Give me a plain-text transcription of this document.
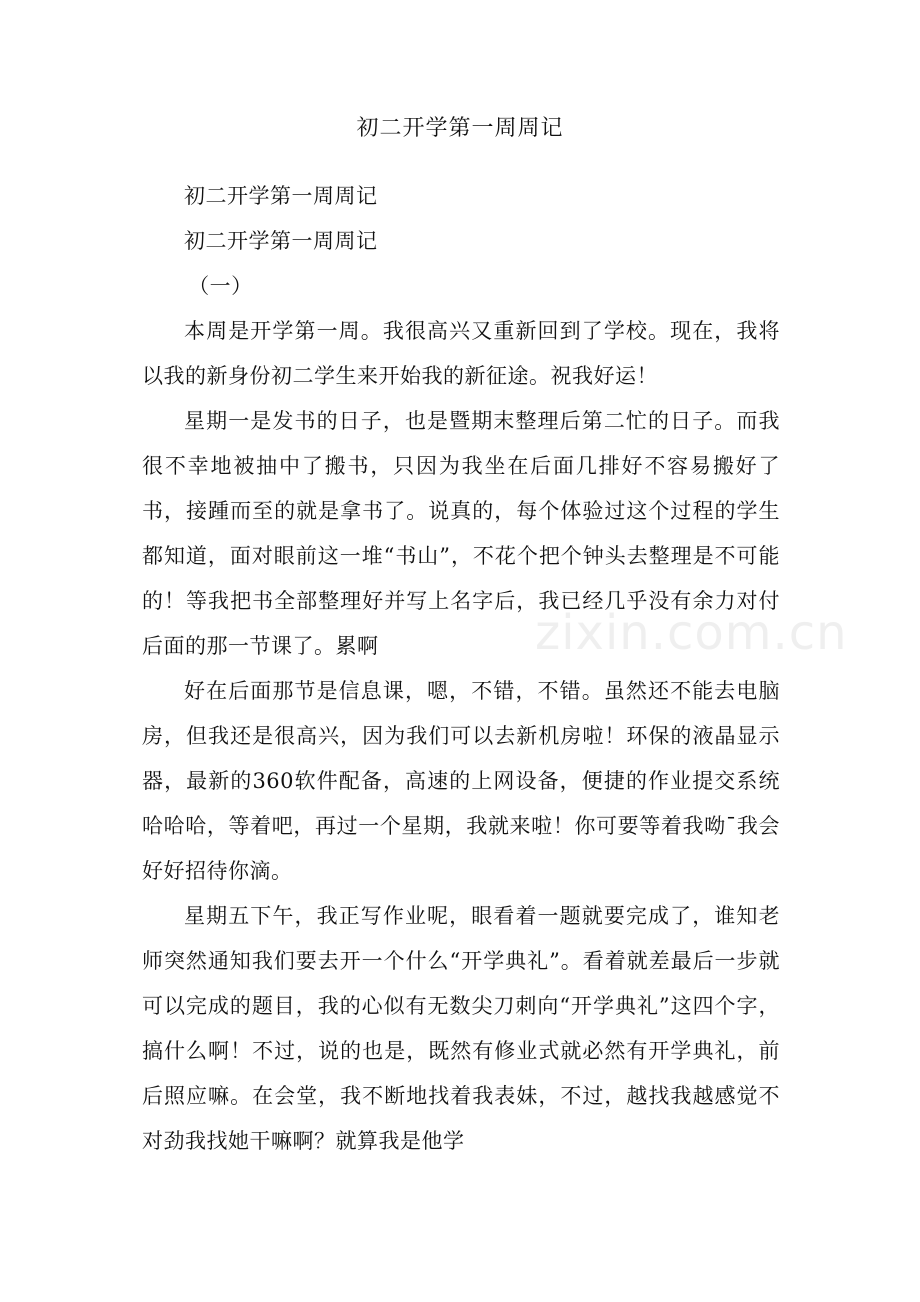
初二开学第一周周记

初二开学第一周周记

初二开学第一周周记

（一）

本周是开学第一周。我很高兴又重新回到了学校。现在，我将以我的新身份初二学生来开始我的新征途。祝我好运！

星期一是发书的日子，也是暨期末整理后第二忙的日子。而我很不幸地被抽中了搬书，只因为我坐在后面几排好不容易搬好了书，接踵而至的就是拿书了。说真的，每个体验过这个过程的学生都知道，面对眼前这一堆“书山”，不花个把个钟头去整理是不可能的！等我把书全部整理好并写上名字后，我已经几乎没有余力对付后面的那一节课了。累啊

好在后面那节是信息课，嗯，不错，不错。虽然还不能去电脑房，但我还是很高兴，因为我们可以去新机房啦！环保的液晶显示器，最新的360软件配备，高速的上网设备，便捷的作业提交系统哈哈哈，等着吧，再过一个星期，我就来啦！你可要等着我呦¯我会好好招待你滴。

星期五下午，我正写作业呢，眼看着一题就要完成了，谁知老师突然通知我们要去开一个什么“开学典礼”。看着就差最后一步就可以完成的题目，我的心似有无数尖刀刺向“开学典礼”这四个字，搞什么啊！不过，说的也是，既然有修业式就必然有开学典礼，前后照应嘛。在会堂，我不断地找着我表妹，不过，越找我越感觉不对劲我找她干嘛啊？就算我是他学

zixin.com.cn
